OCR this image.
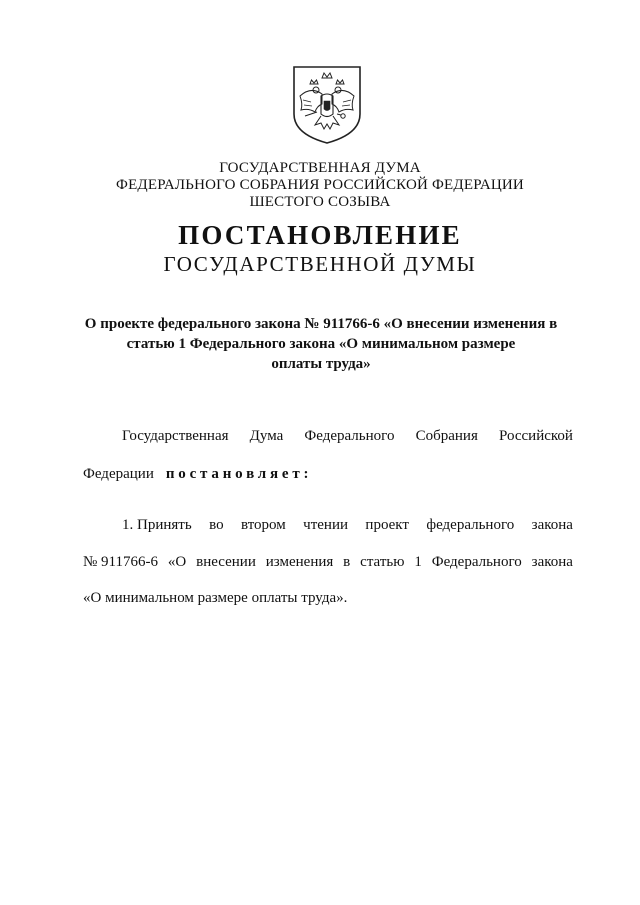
ГОСУДАРСТВЕННАЯ ДУМА
ФЕДЕРАЛЬНОГО СОБРАНИЯ РОССИЙСКОЙ ФЕДЕРАЦИИ
ШЕСТОГО СОЗЫВА
ПОСТАНОВЛЕНИЕ
ГОСУДАРСТВЕННОЙ ДУМЫ
О проекте федерального закона № 911766-6 «О внесении изменения в
статью 1 Федерального закона «О минимальном размере
оплаты труда»
Государственная Дума Федерального Собрания Российской
Федерации постановляет:
1. Принять во втором чтении проект федерального закона
№ 911766-6 «О внесении изменения в статью 1 Федерального закона
«О минимальном размере оплаты труда».
